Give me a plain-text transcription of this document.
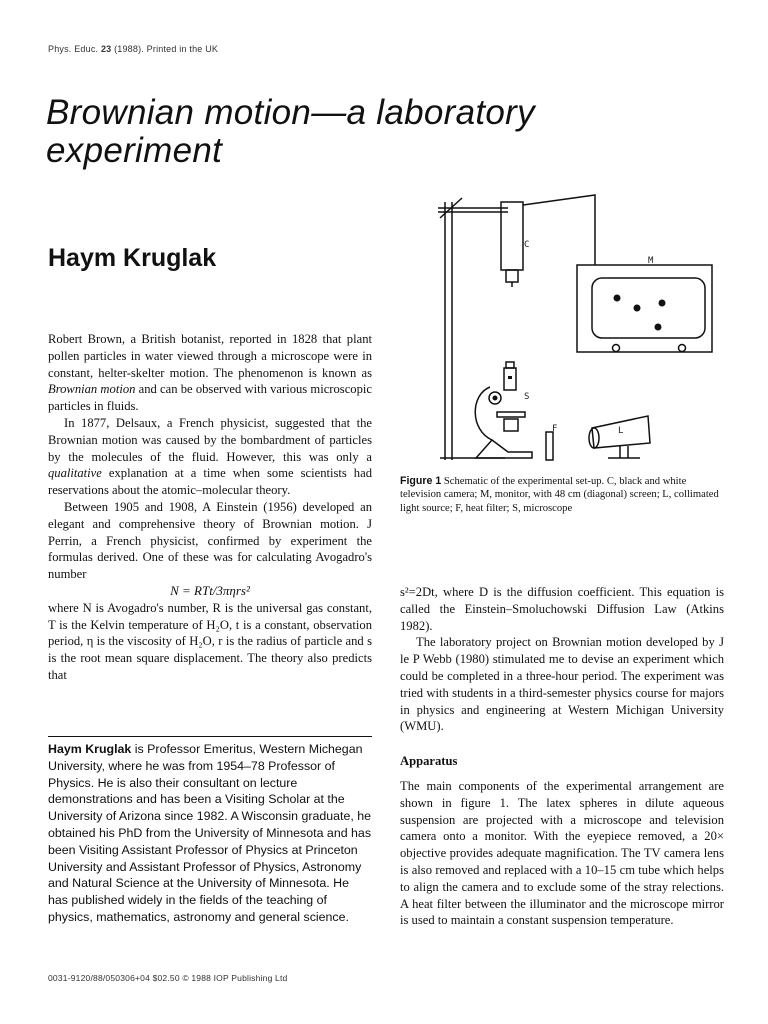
Phys. Educ. 23 (1988). Printed in the UK
Brownian motion—a laboratory experiment
Haym Kruglak

Robert Brown, a British botanist, reported in 1828 that plant pollen particles in water viewed through a microscope were in constant, helter-skelter motion. The phenomenon is known as Brownian motion and can be observed with various microscopic particles in fluids.

In 1877, Delsaux, a French physicist, suggested that the Brownian motion was caused by the bombardment of particles by the molecules of the fluid. However, this was only a qualitative explanation at a time when some scientists had reservations about the atomic–molecular theory.

Between 1905 and 1908, A Einstein (1956) developed an elegant and comprehensive theory of Brownian motion. J Perrin, a French physicist, confirmed by experiment the formulas derived. One of these was for calculating Avogadro's number

N = RTt/3πηrs²

where N is Avogadro's number, R is the universal gas constant, T is the Kelvin temperature of H₂O, t is a constant, observation period, η is the viscosity of H₂O, r is the radius of particle and s is the root mean square displacement. The theory also predicts that

Haym Kruglak is Professor Emeritus, Western Michegan University, where he was from 1954–78 Professor of Physics. He is also their consultant on lecture demonstrations and has been a Visiting Scholar at the University of Arizona since 1982. A Wisconsin graduate, he obtained his PhD from the University of Minnesota and has been Visiting Assistant Professor of Physics at Princeton University and Assistant Professor of Physics, Astronomy and Natural Science at the University of Minnesota. He has published widely in the fields of the teaching of physics, mathematics, astronomy and general science.
0031-9120/88/050306+04 $02.50 © 1988 IOP Publishing Ltd
C
M
S
F	L
Figure 1 Schematic of the experimental set-up. C, black and white television camera; M, monitor, with 48 cm (diagonal) screen; L, collimated light source; F, heat filter; S, microscope

s²=2Dt, where D is the diffusion coefficient. This equation is called the Einstein–Smoluchowski Diffusion Law (Atkins 1982).

The laboratory project on Brownian motion developed by J le P Webb (1980) stimulated me to devise an experiment which could be completed in a three-hour period. The experiment was tried with students in a third-semester physics course for majors in physics and engineering at Western Michigan University (WMU).

Apparatus

The main components of the experimental arrangement are shown in figure 1. The latex spheres in dilute aqueous suspension are projected with a microscope and television camera onto a monitor. With the eyepiece removed, a 20× objective provides adequate magnification. The TV camera lens is also removed and replaced with a 10–15 cm tube which helps to align the camera and to exclude some of the stray relections. A heat filter between the illuminator and the microscope mirror is used to maintain a constant suspension temperature.
